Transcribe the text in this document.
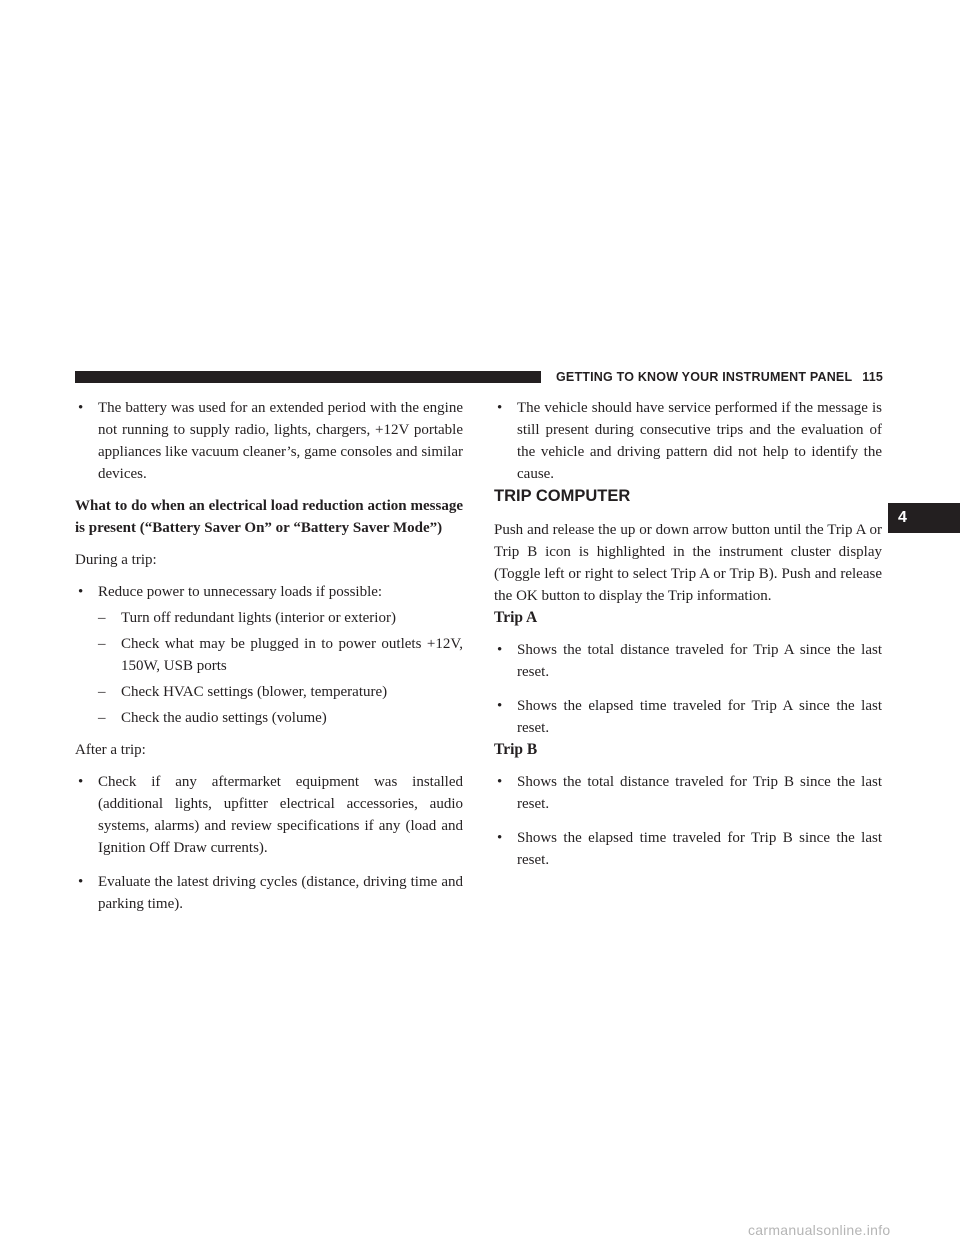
GETTING TO KNOW YOUR INSTRUMENT PANEL 115
4
• The battery was used for an extended period with the engine not running to supply radio, lights, chargers, +12V portable appliances like vacuum cleaner’s, game consoles and similar devices.

What to do when an electrical load reduction action message is present (“Battery Saver On” or “Battery Saver Mode”)

During a trip:

• Reduce power to unnecessary loads if possible:
– Turn off redundant lights (interior or exterior)
– Check what may be plugged in to power outlets +12V, 150W, USB ports
– Check HVAC settings (blower, temperature)
– Check the audio settings (volume)

After a trip:

• Check if any aftermarket equipment was installed (additional lights, upfitter electrical accessories, audio systems, alarms) and review specifications if any (load and Ignition Off Draw currents).
• Evaluate the latest driving cycles (distance, driving time and parking time).
• The vehicle should have service performed if the message is still present during consecutive trips and the evaluation of the vehicle and driving pattern did not help to identify the cause.
TRIP COMPUTER

Push and release the up or down arrow button until the Trip A or Trip B icon is highlighted in the instrument cluster display (Toggle left or right to select Trip A or Trip B). Push and release the OK button to display the Trip information.

Trip A
• Shows the total distance traveled for Trip A since the last reset.
• Shows the elapsed time traveled for Trip A since the last reset.
Trip B
• Shows the total distance traveled for Trip B since the last reset.
• Shows the elapsed time traveled for Trip B since the last reset.
carmanualsonline.info
